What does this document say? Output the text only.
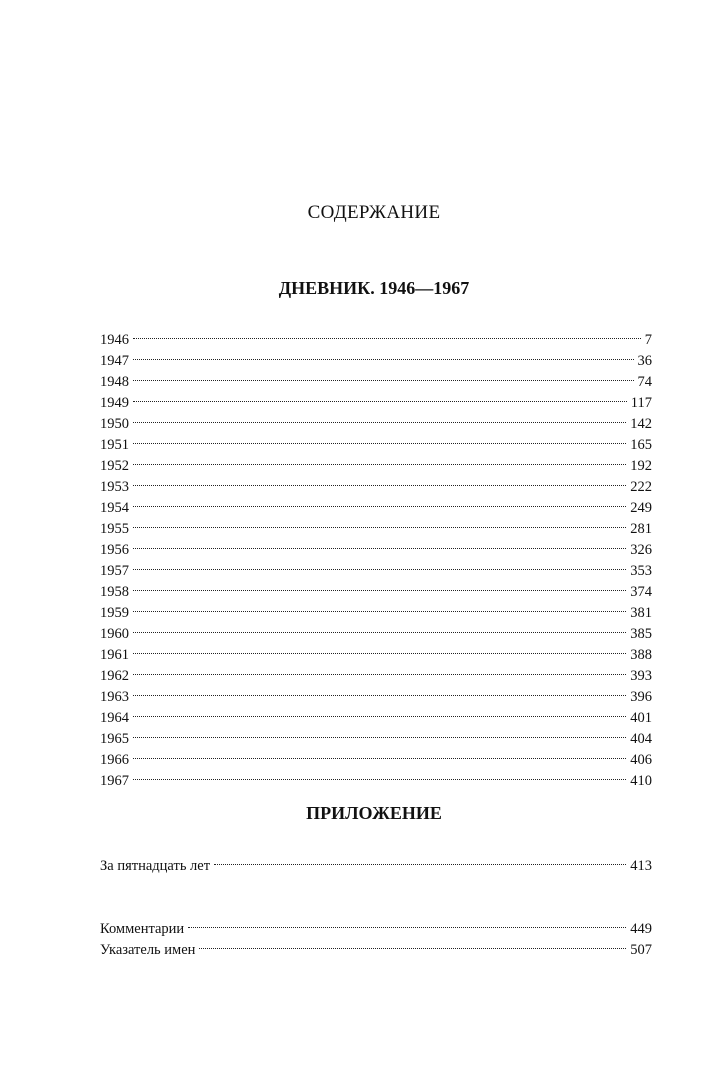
СОДЕРЖАНИЕ
ДНЕВНИК. 1946—1967
1946	7
1947	36
1948	74
1949	117
1950	142
1951	165
1952	192
1953	222
1954	249
1955	281
1956	326
1957	353
1958	374
1959	381
1960	385
1961	388
1962	393
1963	396
1964	401
1965	404
1966	406
1967	410
ПРИЛОЖЕНИЕ
За пятнадцать лет	413
Комментарии	449
Указатель имен	507
